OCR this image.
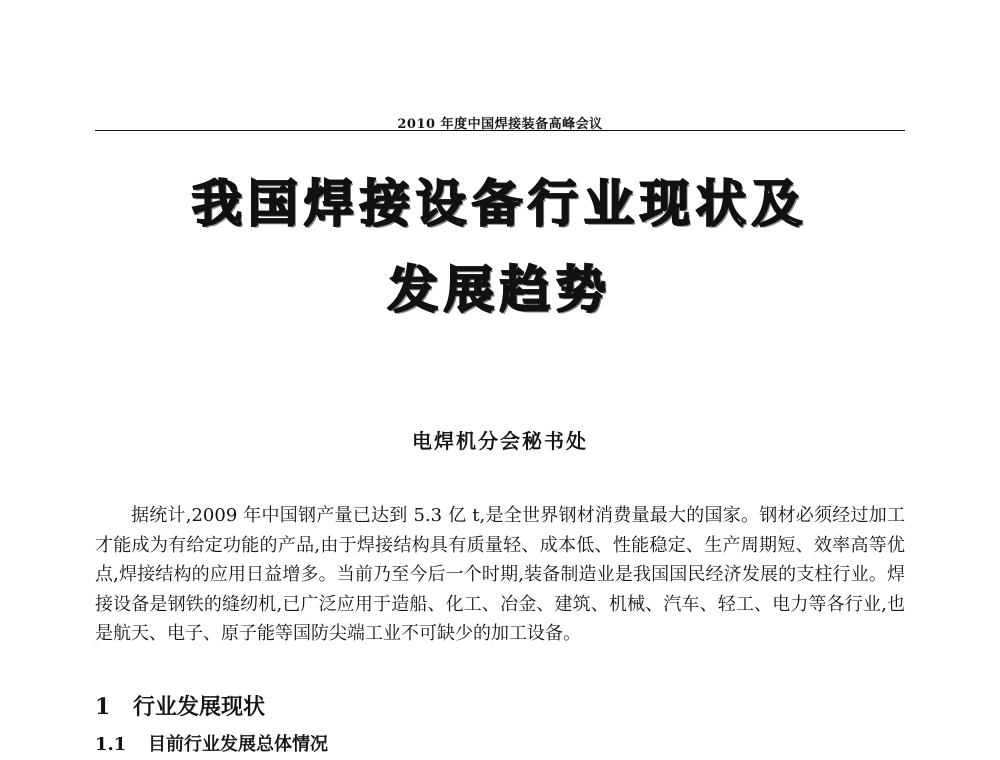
2010 年度中国焊接装备高峰会议
我国焊接设备行业现状及
发展趋势
电焊机分会秘书处

据统计,2009 年中国钢产量已达到 5.3 亿 t,是全世界钢材消费量最大的国家。钢材必须经过加工才能成为有给定功能的产品,由于焊接结构具有质量轻、成本低、性能稳定、生产周期短、效率高等优点,焊接结构的应用日益增多。当前乃至今后一个时期,装备制造业是我国国民经济发展的支柱行业。焊接设备是钢铁的缝纫机,已广泛应用于造船、化工、冶金、建筑、机械、汽车、轻工、电力等各行业,也是航天、电子、原子能等国防尖端工业不可缺少的加工设备。

1 行业发展现状
1.1 目前行业发展总体情况
